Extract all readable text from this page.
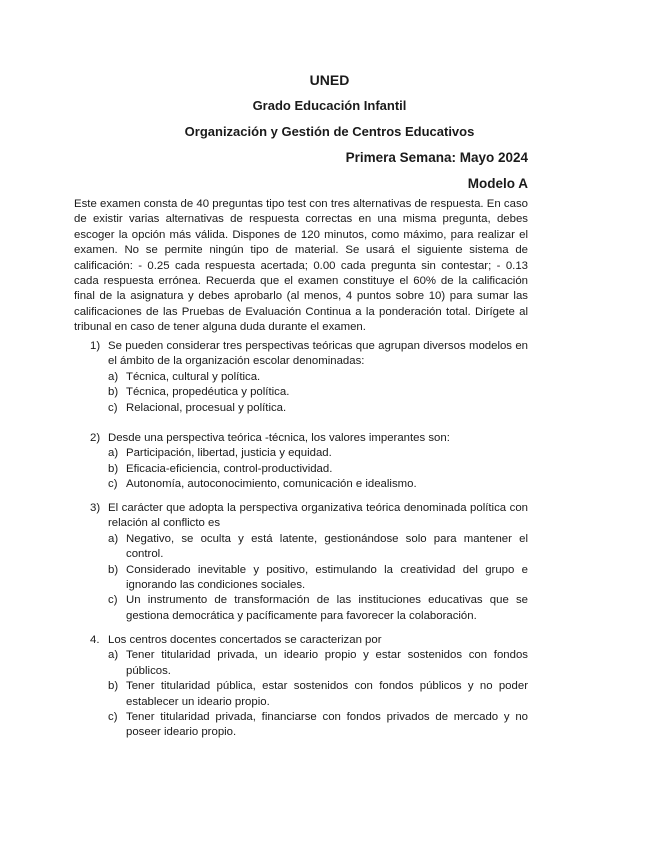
UNED
Grado Educación Infantil
Organización y Gestión de Centros Educativos
Primera Semana: Mayo 2024
Modelo A
Este examen consta de 40 preguntas tipo test con tres alternativas de respuesta. En caso de existir varias alternativas de respuesta correctas en una misma pregunta, debes escoger la opción más válida. Dispones de 120 minutos, como máximo, para realizar el examen. No se permite ningún tipo de material. Se usará el siguiente sistema de calificación: - 0.25 cada respuesta acertada; 0.00 cada pregunta sin contestar; - 0.13 cada respuesta errónea. Recuerda que el examen constituye el 60% de la calificación final de la asignatura y debes aprobarlo (al menos, 4 puntos sobre 10) para sumar las calificaciones de las Pruebas de Evaluación Continua a la ponderación total. Dirígete al tribunal en caso de tener alguna duda durante el examen.
1) Se pueden considerar tres perspectivas teóricas que agrupan diversos modelos en el ámbito de la organización escolar denominadas:
a) Técnica, cultural y política.
b) Técnica, propedéutica y política.
c) Relacional, procesual y política.
2) Desde una perspectiva teórica -técnica, los valores imperantes son:
a) Participación, libertad, justicia y equidad.
b) Eficacia-eficiencia, control-productividad.
c) Autonomía, autoconocimiento, comunicación e idealismo.
3) El carácter que adopta la perspectiva organizativa teórica denominada política con relación al conflicto es
a) Negativo, se oculta y está latente, gestionándose solo para mantener el control.
b) Considerado inevitable y positivo, estimulando la creatividad del grupo e ignorando las condiciones sociales.
c) Un instrumento de transformación de las instituciones educativas que se gestiona democrática y pacíficamente para favorecer la colaboración.
4. Los centros docentes concertados se caracterizan por
a) Tener titularidad privada, un ideario propio y estar sostenidos con fondos públicos.
b) Tener titularidad pública, estar sostenidos con fondos públicos y no poder establecer un ideario propio.
c) Tener titularidad privada, financiarse con fondos privados de mercado y no poseer ideario propio.
